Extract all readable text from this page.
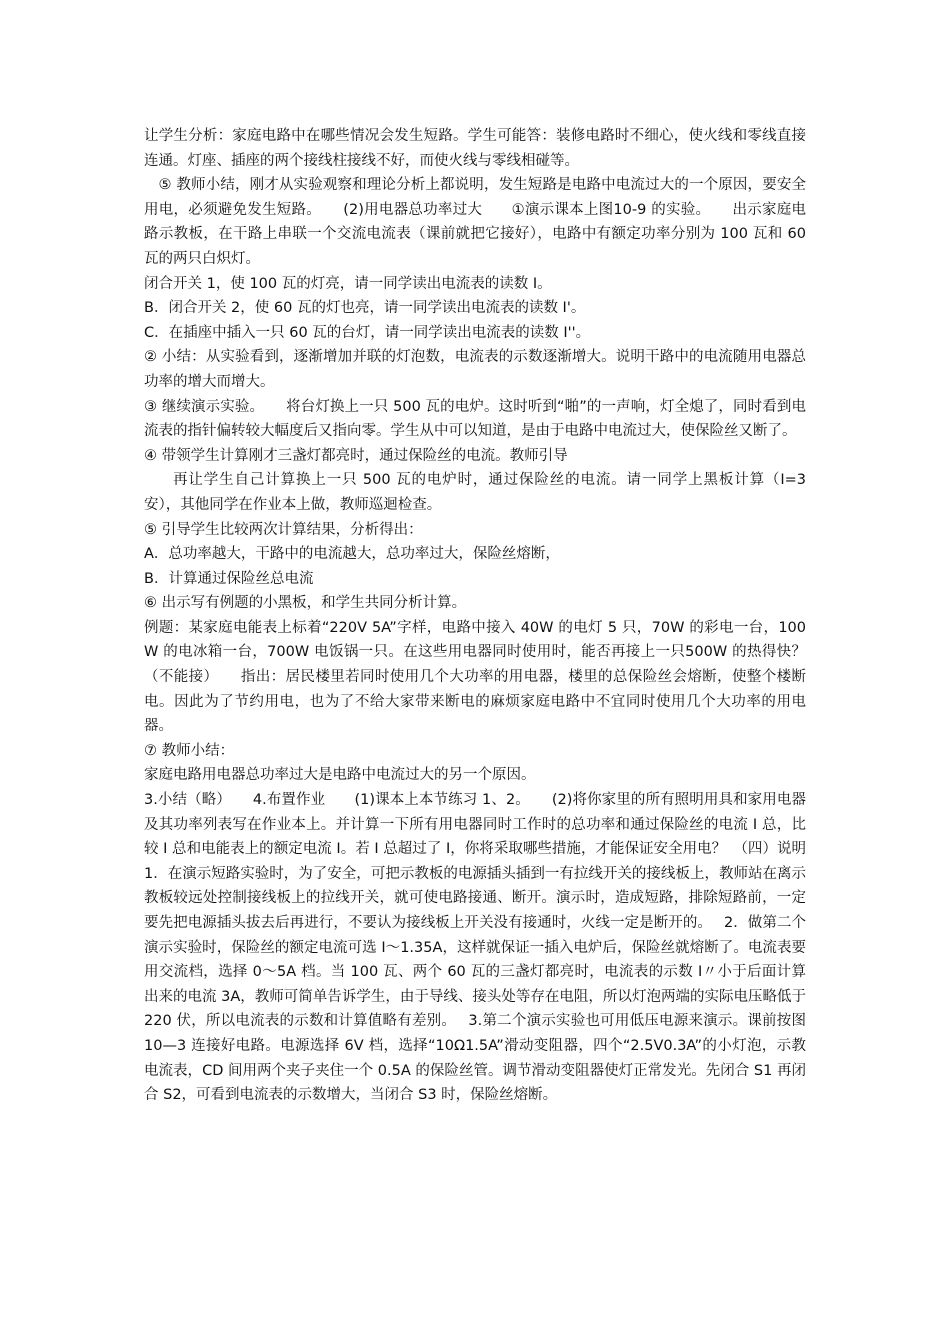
让学生分析：家庭电路中在哪些情况会发生短路。学生可能答：装修电路时不细心，使火线和零线直接连通。灯座、插座的两个接线柱接线不好，而使火线与零线相碰等。

⑤ 教师小结，刚才从实验观察和理论分析上都说明，发生短路是电路中电流过大的一个原因，要安全用电，必须避免发生短路。　　(2)用电器总功率过大　　①演示课本上图10-9 的实验。　　出示家庭电路示教板，在干路上串联一个交流电流表（课前就把它接好），电路中有额定功率分别为 100 瓦和 60 瓦的两只白炽灯。

闭合开关 1，使 100 瓦的灯亮，请一同学读出电流表的读数 I。

B．闭合开关 2，使 60 瓦的灯也亮，请一同学读出电流表的读数 I'。

C．在插座中插入一只 60 瓦的台灯，请一同学读出电流表的读数 I''。

② 小结：从实验看到，逐渐增加并联的灯泡数，电流表的示数逐渐增大。说明干路中的电流随用电器总功率的增大而增大。

③ 继续演示实验。　　将台灯换上一只 500 瓦的电炉。这时听到“啪”的一声响，灯全熄了，同时看到电流表的指针偏转较大幅度后又指向零。学生从中可以知道，是由于电路中电流过大，使保险丝又断了。

④ 带领学生计算刚才三盏灯都亮时，通过保险丝的电流。教师引导

再让学生自己计算换上一只 500 瓦的电炉时，通过保险丝的电流。请一同学上黑板计算（I=3 安），其他同学在作业本上做，教师巡迴检查。

⑤ 引导学生比较两次计算结果，分析得出：

A．总功率越大，干路中的电流越大，总功率过大，保险丝熔断，

B．计算通过保险丝总电流

⑥ 出示写有例题的小黑板，和学生共同分析计算。

例题：某家庭电能表上标着“220V 5A”字样，电路中接入 40W 的电灯 5 只，70W 的彩电一台，100W 的电冰箱一台，700W 电饭锅一只。在这些用电器同时使用时，能否再接上一只500W 的热得快？（不能接）　　指出：居民楼里若同时使用几个大功率的用电器，楼里的总保险丝会熔断，使整个楼断电。因此为了节约用电，也为了不给大家带来断电的麻烦家庭电路中不宜同时使用几个大功率的用电器。

⑦ 教师小结：

家庭电路用电器总功率过大是电路中电流过大的另一个原因。

3.小结（略）　　4.布置作业　　(1)课本上本节练习 1、2。　　(2)将你家里的所有照明用具和家用电器及其功率列表写在作业本上。并计算一下所有用电器同时工作时的总功率和通过保险丝的电流 I 总，比较 I 总和电能表上的额定电流 I。若 I 总超过了 I，你将采取哪些措施，才能保证安全用电？　（四）说明　 1．在演示短路实验时，为了安全，可把示教板的电源插头插到一有拉线开关的接线板上，教师站在离示教板较远处控制接线板上的拉线开关，就可使电路接通、断开。演示时，造成短路，排除短路前，一定要先把电源插头拔去后再进行，不要认为接线板上开关没有接通时，火线一定是断开的。　 2．做第二个演示实验时，保险丝的额定电流可选 I～1.35A，这样就保证一插入电炉后，保险丝就熔断了。电流表要用交流档，选择 0～5A 档。当 100 瓦、两个 60 瓦的三盏灯都亮时，电流表的示数 I〃小于后面计算出来的电流 3A，教师可简单告诉学生，由于导线、接头处等存在电阻，所以灯泡两端的实际电压略低于 220 伏，所以电流表的示数和计算值略有差别。　 3.第二个演示实验也可用低压电源来演示。课前按图 10—3 连接好电路。电源选择 6V 档，选择“10Ω1.5A”滑动变阻器，四个“2.5V0.3A”的小灯泡，示教电流表，CD 间用两个夹子夹住一个 0.5A 的保险丝管。调节滑动变阻器使灯正常发光。先闭合 S1 再闭合 S2，可看到电流表的示数增大，当闭合 S3 时，保险丝熔断。
